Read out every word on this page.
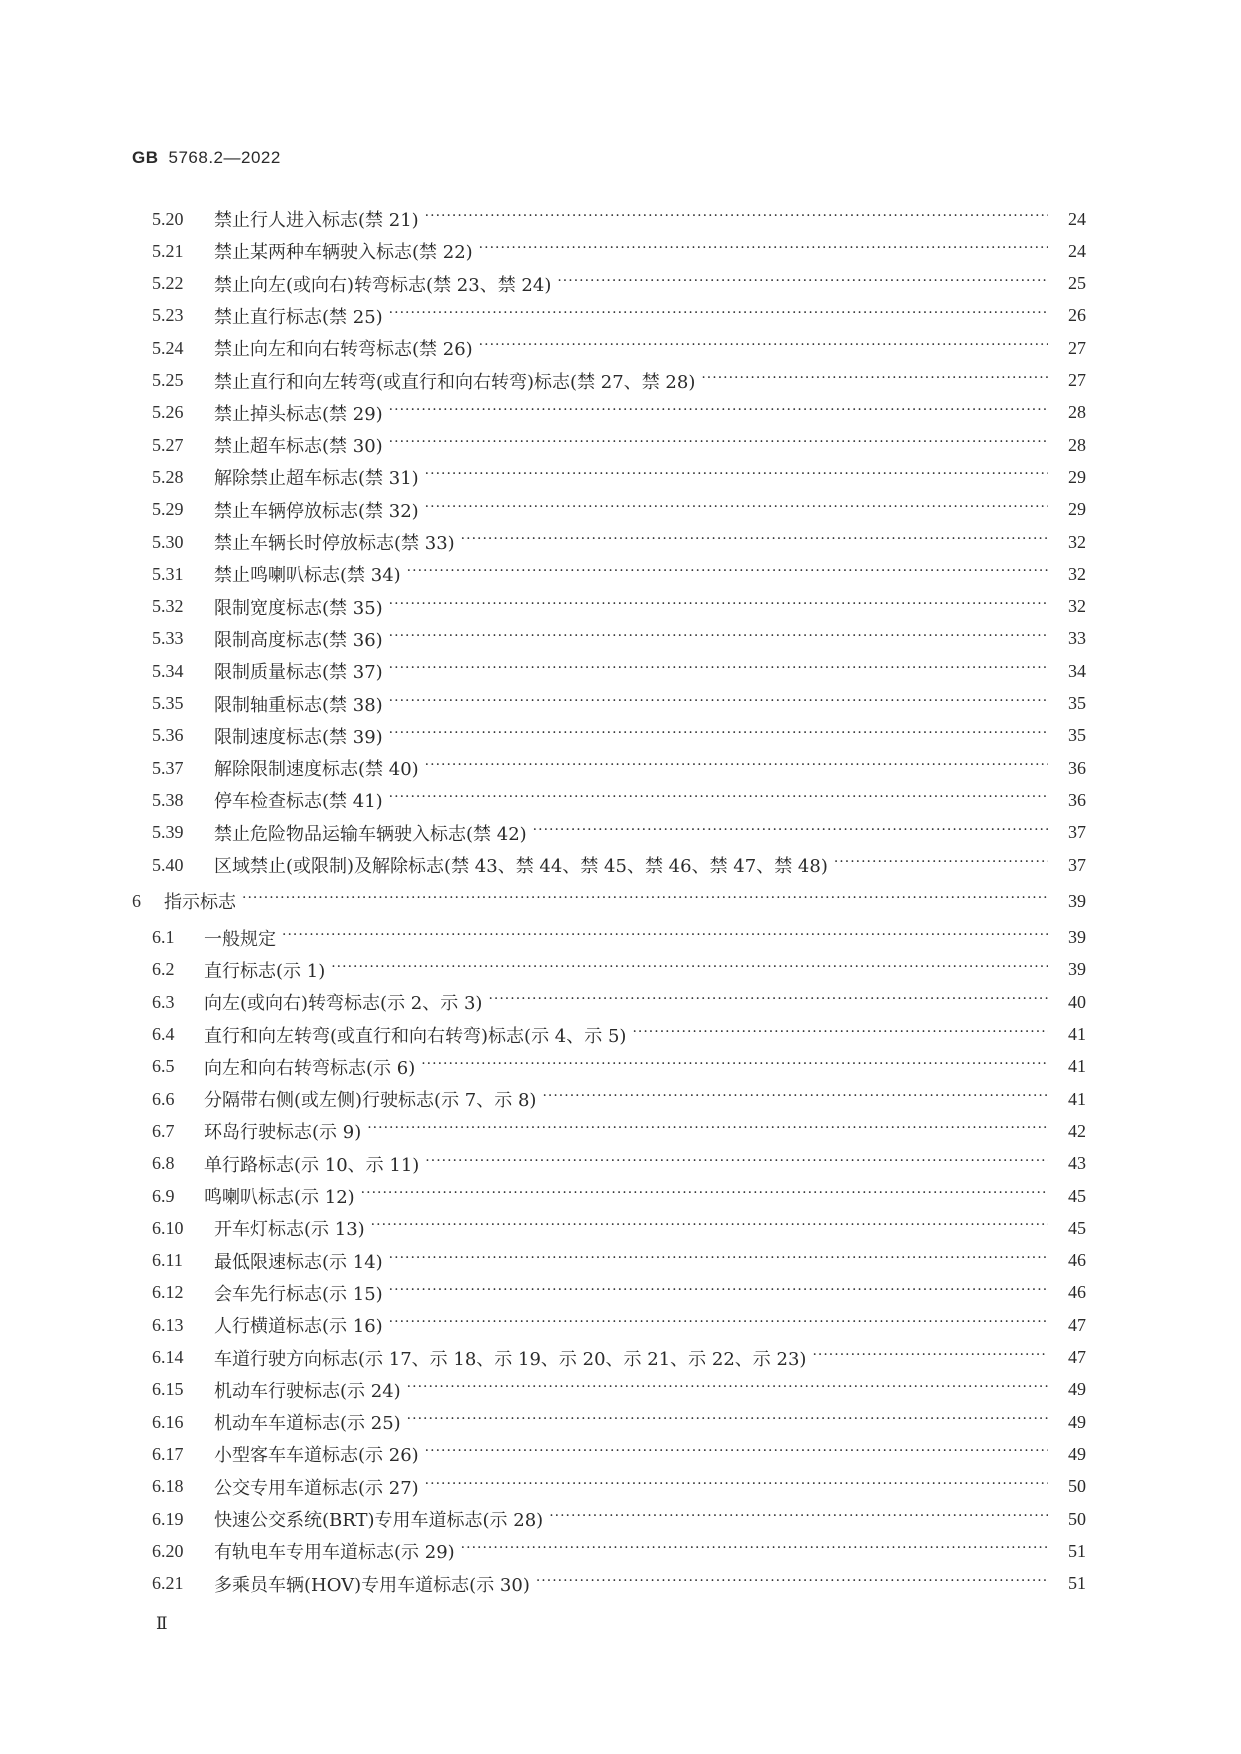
GB 5768.2—2022
5.20	禁止行人进入标志(禁 21) ·····	24
5.21	禁止某两种车辆驶入标志(禁 22) ·····	24
5.22	禁止向左(或向右)转弯标志(禁 23、禁 24) ·····	25
5.23	禁止直行标志(禁 25) ·····	26
5.24	禁止向左和向右转弯标志(禁 26) ·····	27
5.25	禁止直行和向左转弯(或直行和向右转弯)标志(禁 27、禁 28) ·····	27
5.26	禁止掉头标志(禁 29) ·····	28
5.27	禁止超车标志(禁 30) ·····	28
5.28	解除禁止超车标志(禁 31) ·····	29
5.29	禁止车辆停放标志(禁 32) ·····	29
5.30	禁止车辆长时停放标志(禁 33) ·····	32
5.31	禁止鸣喇叭标志(禁 34) ·····	32
5.32	限制宽度标志(禁 35) ·····	32
5.33	限制高度标志(禁 36) ·····	33
5.34	限制质量标志(禁 37) ·····	34
5.35	限制轴重标志(禁 38) ·····	35
5.36	限制速度标志(禁 39) ·····	35
5.37	解除限制速度标志(禁 40) ·····	36
5.38	停车检查标志(禁 41) ·····	36
5.39	禁止危险物品运输车辆驶入标志(禁 42) ·····	37
5.40	区域禁止(或限制)及解除标志(禁 43、禁 44、禁 45、禁 46、禁 47、禁 48) ·····	37
6	指示标志 ·····	39
6.1	一般规定 ·····	39
6.2	直行标志(示 1) ·····	39
6.3	向左(或向右)转弯标志(示 2、示 3) ·····	40
6.4	直行和向左转弯(或直行和向右转弯)标志(示 4、示 5) ·····	41
6.5	向左和向右转弯标志(示 6) ·····	41
6.6	分隔带右侧(或左侧)行驶标志(示 7、示 8) ·····	41
6.7	环岛行驶标志(示 9) ·····	42
6.8	单行路标志(示 10、示 11) ·····	43
6.9	鸣喇叭标志(示 12) ·····	45
6.10	开车灯标志(示 13) ·····	45
6.11	最低限速标志(示 14) ·····	46
6.12	会车先行标志(示 15) ·····	46
6.13	人行横道标志(示 16) ·····	47
6.14	车道行驶方向标志(示 17、示 18、示 19、示 20、示 21、示 22、示 23) ·····	47
6.15	机动车行驶标志(示 24) ·····	49
6.16	机动车车道标志(示 25) ·····	49
6.17	小型客车车道标志(示 26) ·····	49
6.18	公交专用车道标志(示 27) ·····	50
6.19	快速公交系统(BRT)专用车道标志(示 28) ·····	50
6.20	有轨电车专用车道标志(示 29) ·····	51
6.21	多乘员车辆(HOV)专用车道标志(示 30) ·····	51
Ⅱ
